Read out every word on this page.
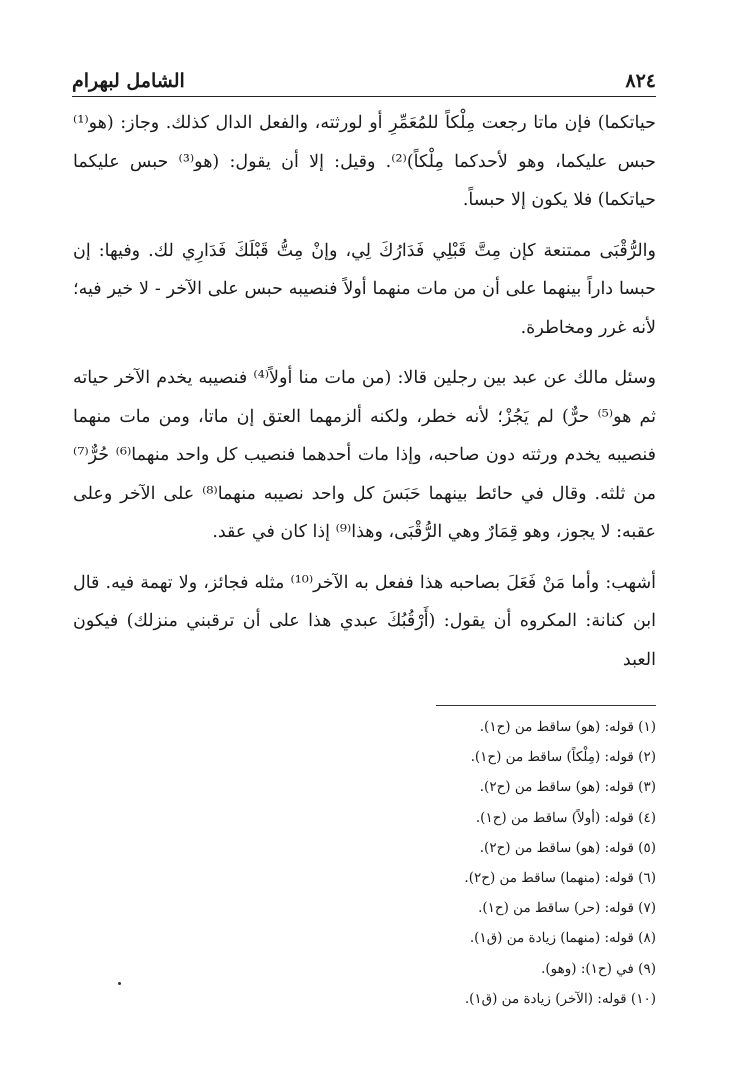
٨٢٤
الشامل لبهرام

حياتكما) فإن ماتا رجعت مِلْكاً للمُعَمِّرِ أو لورثته، والفعل الدال كذلك. وجاز: (هو⁽¹⁾ حبس عليكما، وهو لأحدكما مِلْكاً)⁽²⁾. وقيل: إلا أن يقول: (هو⁽³⁾ حبس عليكما حياتكما) فلا يكون إلا حبساً.

والرُّقْبَى ممتنعة كإن مِتَّ قَبْلِي فَدَارُكَ لِي، وإنْ مِتُّ قَبْلَكَ فَدَارِي لك. وفيها: إن حبسا داراً بينهما على أن من مات منهما أولاً فنصيبه حبس على الآخر - لا خير فيه؛ لأنه غرر ومخاطرة.

وسئل مالك عن عبد بين رجلين قالا: (من مات منا أولاً⁽⁴⁾ فنصيبه يخدم الآخر حياته ثم هو⁽⁵⁾ حرٌّ) لم يَجُزْ؛ لأنه خطر، ولكنه ألزمهما العتق إن ماتا، ومن مات منهما فنصيبه يخدم ورثته دون صاحبه، وإذا مات أحدهما فنصيب كل واحد منهما⁽⁶⁾ حُرٌّ⁽⁷⁾ من ثلثه. وقال في حائط بينهما حَبَسَ كل واحد نصيبه منهما⁽⁸⁾ على الآخر وعلى عقبه: لا يجوز، وهو قِمَارٌ وهي الرُّقْبَى، وهذا⁽⁹⁾ إذا كان في عقد.

أشهب: وأما مَنْ فَعَلَ بصاحبه هذا ففعل به الآخر⁽¹⁰⁾ مثله فجائز، ولا تهمة فيه. قال ابن كنانة: المكروه أن يقول: (أَرْقُبُكَ عبدي هذا على أن ترقبني منزلك) فيكون العبد

(١) قوله: (هو) ساقط من (ح١).
(٢) قوله: (مِلْكاً) ساقط من (ح١).
(٣) قوله: (هو) ساقط من (ح٢).
(٤) قوله: (أولاً) ساقط من (ح١).
(٥) قوله: (هو) ساقط من (ح٢).
(٦) قوله: (منهما) ساقط من (ح٢).
(٧) قوله: (حر) ساقط من (ح١).
(٨) قوله: (منهما) زيادة من (ق١).
(٩) في (ح١): (وهو).
(١٠) قوله: (الآخر) زيادة من (ق١).
